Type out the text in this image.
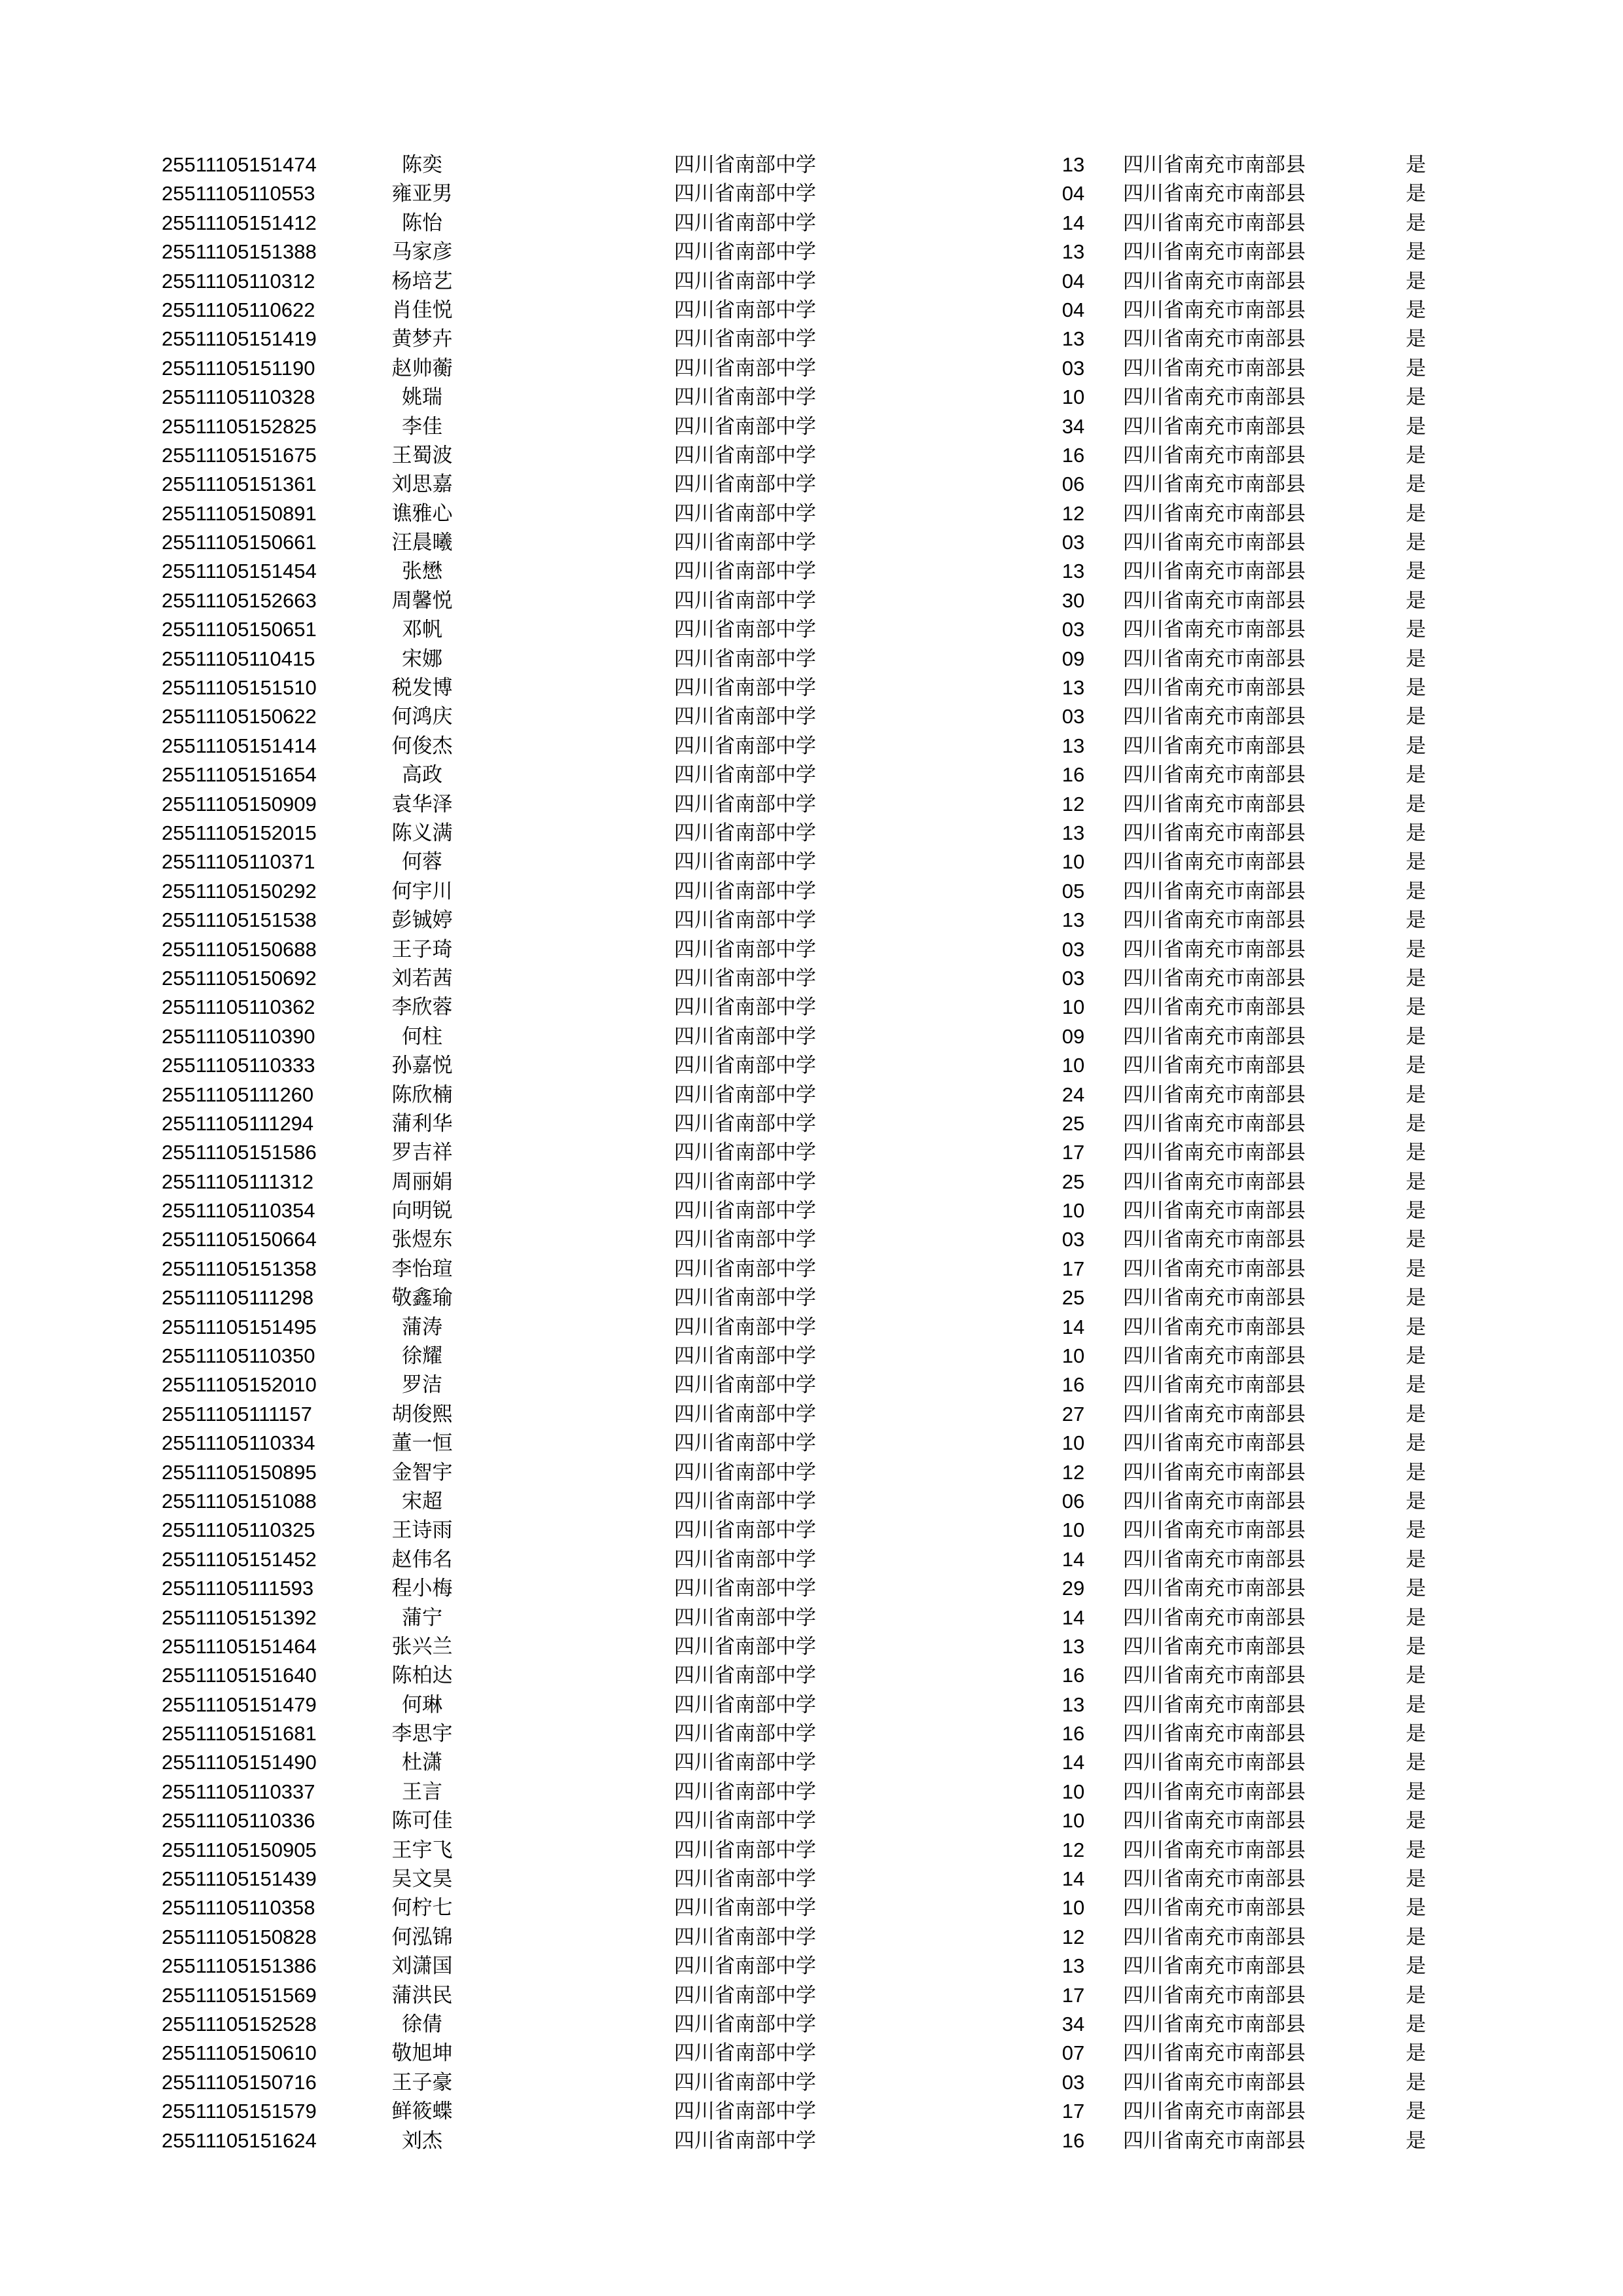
25511105151474	陈奕	四川省南部中学	13	四川省南充市南部县	是
25511105110553	雍亚男	四川省南部中学	04	四川省南充市南部县	是
25511105151412	陈怡	四川省南部中学	14	四川省南充市南部县	是
25511105151388	马家彦	四川省南部中学	13	四川省南充市南部县	是
25511105110312	杨培艺	四川省南部中学	04	四川省南充市南部县	是
25511105110622	肖佳悦	四川省南部中学	04	四川省南充市南部县	是
25511105151419	黄梦卉	四川省南部中学	13	四川省南充市南部县	是
25511105151190	赵帅蘅	四川省南部中学	03	四川省南充市南部县	是
25511105110328	姚瑞	四川省南部中学	10	四川省南充市南部县	是
25511105152825	李佳	四川省南部中学	34	四川省南充市南部县	是
25511105151675	王蜀波	四川省南部中学	16	四川省南充市南部县	是
25511105151361	刘思嘉	四川省南部中学	06	四川省南充市南部县	是
25511105150891	谯雅心	四川省南部中学	12	四川省南充市南部县	是
25511105150661	汪晨曦	四川省南部中学	03	四川省南充市南部县	是
25511105151454	张懋	四川省南部中学	13	四川省南充市南部县	是
25511105152663	周馨悦	四川省南部中学	30	四川省南充市南部县	是
25511105150651	邓帆	四川省南部中学	03	四川省南充市南部县	是
25511105110415	宋娜	四川省南部中学	09	四川省南充市南部县	是
25511105151510	税发博	四川省南部中学	13	四川省南充市南部县	是
25511105150622	何鸿庆	四川省南部中学	03	四川省南充市南部县	是
25511105151414	何俊杰	四川省南部中学	13	四川省南充市南部县	是
25511105151654	高政	四川省南部中学	16	四川省南充市南部县	是
25511105150909	袁华泽	四川省南部中学	12	四川省南充市南部县	是
25511105152015	陈义满	四川省南部中学	13	四川省南充市南部县	是
25511105110371	何蓉	四川省南部中学	10	四川省南充市南部县	是
25511105150292	何宇川	四川省南部中学	05	四川省南充市南部县	是
25511105151538	彭铖婷	四川省南部中学	13	四川省南充市南部县	是
25511105150688	王子琦	四川省南部中学	03	四川省南充市南部县	是
25511105150692	刘若茜	四川省南部中学	03	四川省南充市南部县	是
25511105110362	李欣蓉	四川省南部中学	10	四川省南充市南部县	是
25511105110390	何柱	四川省南部中学	09	四川省南充市南部县	是
25511105110333	孙嘉悦	四川省南部中学	10	四川省南充市南部县	是
25511105111260	陈欣楠	四川省南部中学	24	四川省南充市南部县	是
25511105111294	蒲利华	四川省南部中学	25	四川省南充市南部县	是
25511105151586	罗吉祥	四川省南部中学	17	四川省南充市南部县	是
25511105111312	周丽娟	四川省南部中学	25	四川省南充市南部县	是
25511105110354	向明锐	四川省南部中学	10	四川省南充市南部县	是
25511105150664	张煜东	四川省南部中学	03	四川省南充市南部县	是
25511105151358	李怡瑄	四川省南部中学	17	四川省南充市南部县	是
25511105111298	敬鑫瑜	四川省南部中学	25	四川省南充市南部县	是
25511105151495	蒲涛	四川省南部中学	14	四川省南充市南部县	是
25511105110350	徐耀	四川省南部中学	10	四川省南充市南部县	是
25511105152010	罗洁	四川省南部中学	16	四川省南充市南部县	是
25511105111157	胡俊熙	四川省南部中学	27	四川省南充市南部县	是
25511105110334	董一恒	四川省南部中学	10	四川省南充市南部县	是
25511105150895	金智宇	四川省南部中学	12	四川省南充市南部县	是
25511105151088	宋超	四川省南部中学	06	四川省南充市南部县	是
25511105110325	王诗雨	四川省南部中学	10	四川省南充市南部县	是
25511105151452	赵伟名	四川省南部中学	14	四川省南充市南部县	是
25511105111593	程小梅	四川省南部中学	29	四川省南充市南部县	是
25511105151392	蒲宁	四川省南部中学	14	四川省南充市南部县	是
25511105151464	张兴兰	四川省南部中学	13	四川省南充市南部县	是
25511105151640	陈柏达	四川省南部中学	16	四川省南充市南部县	是
25511105151479	何琳	四川省南部中学	13	四川省南充市南部县	是
25511105151681	李思宇	四川省南部中学	16	四川省南充市南部县	是
25511105151490	杜潇	四川省南部中学	14	四川省南充市南部县	是
25511105110337	王言	四川省南部中学	10	四川省南充市南部县	是
25511105110336	陈可佳	四川省南部中学	10	四川省南充市南部县	是
25511105150905	王宇飞	四川省南部中学	12	四川省南充市南部县	是
25511105151439	吴文昊	四川省南部中学	14	四川省南充市南部县	是
25511105110358	何柠七	四川省南部中学	10	四川省南充市南部县	是
25511105150828	何泓锦	四川省南部中学	12	四川省南充市南部县	是
25511105151386	刘潇国	四川省南部中学	13	四川省南充市南部县	是
25511105151569	蒲洪民	四川省南部中学	17	四川省南充市南部县	是
25511105152528	徐倩	四川省南部中学	34	四川省南充市南部县	是
25511105150610	敬旭坤	四川省南部中学	07	四川省南充市南部县	是
25511105150716	王子豪	四川省南部中学	03	四川省南充市南部县	是
25511105151579	鲜筱蝶	四川省南部中学	17	四川省南充市南部县	是
25511105151624	刘杰	四川省南部中学	16	四川省南充市南部县	是
